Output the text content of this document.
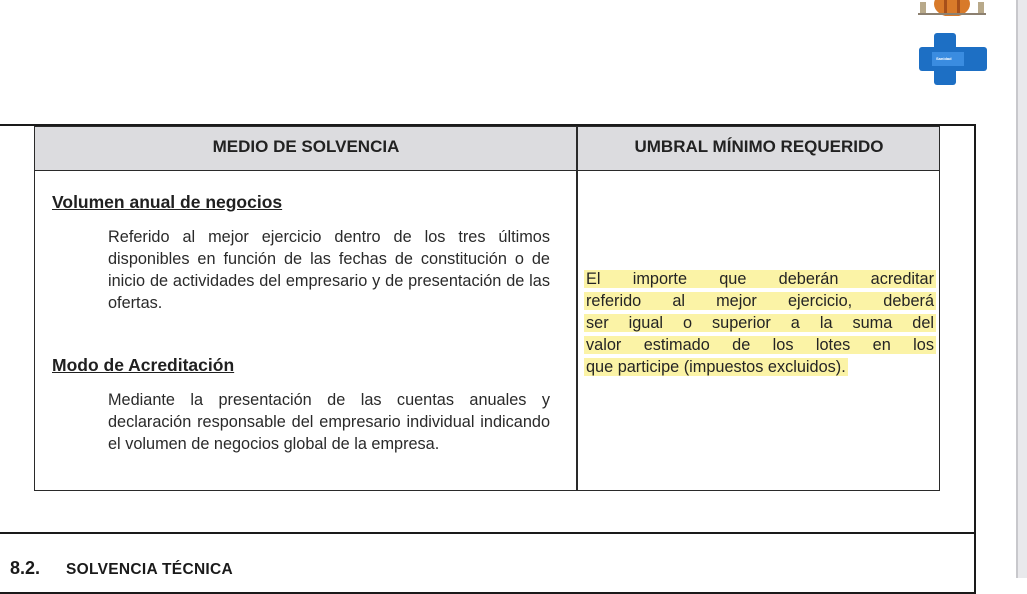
Sanidad
MEDIO DE SOLVENCIA	UMBRAL MÍNIMO REQUERIDO
Volumen anual de negocios
Referido al mejor ejercicio dentro de los tres últimos disponibles en función de las fechas de constitución o de inicio de actividades del empresario y de presentación de las ofertas.
Modo de Acreditación
Mediante la presentación de las cuentas anuales y declaración responsable del empresario individual indicando el volumen de negocios global de la empresa.
El importe que deberán acreditar
referido al mejor ejercicio, deberá
ser igual o superior a la suma del
valor estimado de los lotes en los
que participe (impuestos excluidos).
8.2. SOLVENCIA TÉCNICA
